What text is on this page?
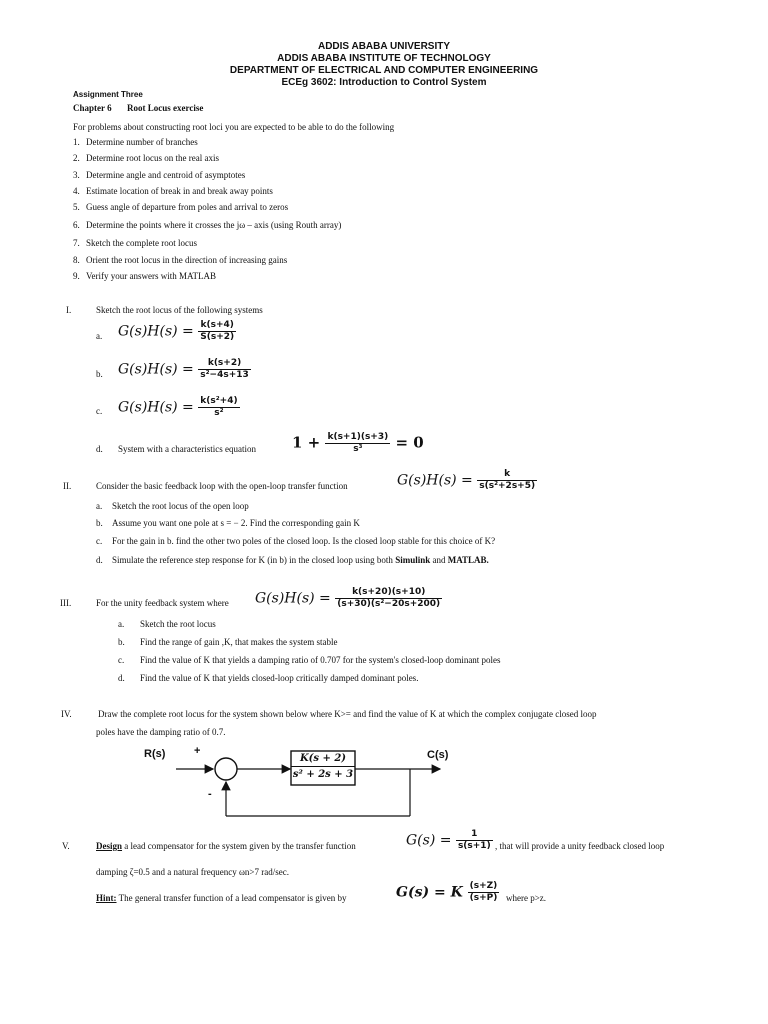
ADDIS ABABA UNIVERSITY
ADDIS ABABA INSTITUTE OF TECHNOLOGY
DEPARTMENT OF ELECTRICAL AND COMPUTER ENGINEERING
ECEg 3602: Introduction to Control System
Assignment Three
Chapter 6 Root Locus exercise
For problems about constructing root loci you are expected to be able to do the following
1. Determine number of branches
2. Determine root locus on the real axis
3. Determine angle and centroid of asymptotes
4. Estimate location of break in and break away points
5. Guess angle of departure from poles and arrival to zeros
6. Determine the points where it crosses the jω – axis (using Routh array)
7. Sketch the complete root locus
8. Orient the root locus in the direction of increasing gains
9. Verify your answers with MATLAB
I.	Sketch the root locus of the following systems
a. $G(s)H(s) = \frac{k(s+4)}{S(s+2)}$
b. $G(s)H(s) = \frac{k(s+2)}{\text{s²−4s+13}}$
c. $G(s)H(s) = \frac{\text{k(s²+4)}}{\text{s²}}$
d. System with a characteristics equation $1 + \frac{k(s+1)(s+3)}{\text{s³}} = 0$
II.	Consider the basic feedback loop with the open-loop transfer function	$G(s)H(s) = \frac{k}{\text{s(s²+2s+5)}}$
a. Sketch the root locus of the open loop
b. Assume you want one pole at s = − 2. Find the corresponding gain K
c. For the gain in b. find the other two poles of the closed loop. Is the closed loop stable for this choice of K?
d. Simulate the reference step response for K (in b) in the closed loop using both Simulink and MATLAB.
III.	For the unity feedback system where $G(s)H(s) = \frac{k(s+20)(s+10)}{\text{(s+30)(s²−20s+200)}}$
a. Sketch the root locus
b. Find the range of gain ,K, that makes the system stable
c. Find the value of K that yields a damping ratio of 0.707 for the system's closed-loop dominant poles
d. Find the value of K that yields closed-loop critically damped dominant poles.
IV.	Draw the complete root locus for the system shown below where K>= and find the value of K at which the complex conjugate closed loop
poles have the damping ratio of 0.7.
R(s)	+
-
C(s)
K(s + 2)
s² + 2s + 3
V.	Design a lead compensator for the system given by the transfer function	$G(s) = \frac{1}{s(s+1)}$ , that will provide a unity feedback closed loop
damping ζ=0.5 and a natural frequency ωn>7 rad/sec.
Hint: The general transfer function of a lead compensator is given by	G(s) = K $\frac{(s+Z)}{(s+P)}$ where p>z.
